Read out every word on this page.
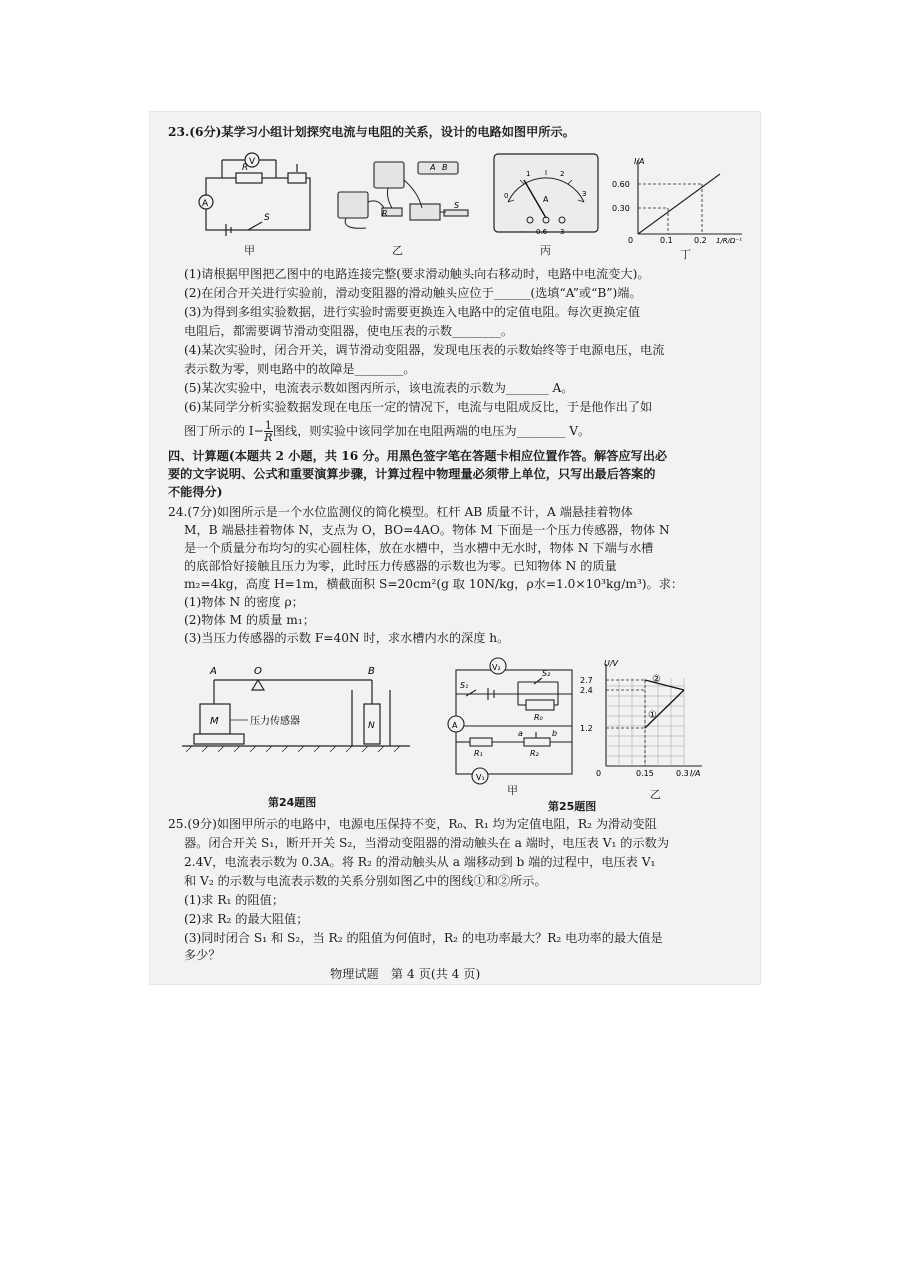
23.(6分)某学习小组计划探究电流与电阻的关系，设计的电路如图甲所示。
V
R
A
S
甲
A B
R
S
乙
0
1	2
3
A
− 0.6 3
丙
I/A
0.60
0.30
0	0.1	0.2 1/R/Ω⁻¹
丁
(1)请根据甲图把乙图中的电路连接完整(要求滑动触头向右移动时，电路中电流变大)。
(2)在闭合开关进行实验前，滑动变阻器的滑动触头应位于______(选填“A”或“B”)端。
(3)为得到多组实验数据，进行实验时需要更换连入电路中的定值电阻。每次更换定值
电阻后，都需要调节滑动变阻器，使电压表的示数________。
(4)某次实验时，闭合开关，调节滑动变阻器，发现电压表的示数始终等于电源电压，电流
表示数为零，则电路中的故障是________。
(5)某次实验中，电流表示数如图丙所示，该电流表的示数为_______ A。
(6)某同学分析实验数据发现在电压一定的情况下，电流与电阻成反比，于是他作出了如
图丁所示的 $I- \frac{1}{R}$ 图线，则实验中该同学加在电阻两端的电压为________ V。
四、计算题(本题共 2 小题，共 16 分。用黑色签字笔在答题卡相应位置作答。解答应写出必
要的文字说明、公式和重要演算步骤，计算过程中物理量必须带上单位，只写出最后答案的
不能得分)
24.(7分)如图所示是一个水位监测仪的简化模型。杠杆 AB 质量不计，A 端悬挂着物体
M，B 端悬挂着物体 N，支点为 O，BO=4AO。物体 M 下面是一个压力传感器，物体 N
是一个质量分布均匀的实心圆柱体，放在水槽中，当水槽中无水时，物体 N 下端与水槽
的底部恰好接触且压力为零，此时压力传感器的示数也为零。已知物体 N 的质量
m₂=4kg，高度 H=1m，横截面积 S=20cm²(g 取 10N/kg，ρ水=1.0×10³kg/m³)。求：
(1)物体 N 的密度 ρ；
(2)物体 M 的质量 m₁；
(3)当压力传感器的示数 F=40N 时，求水槽内水的深度 h。
A	O	B
M	N
压力传感器
第24题图
V₂
V₁
A
S₁
S₂
R₀
R₁	R₂
a	b
甲
U/V
2.7
2.4
1.2
0	0.15	0.3 I/A
①
②
乙
第25题图
25.(9分)如图甲所示的电路中，电源电压保持不变，R₀、R₁ 均为定值电阻，R₂ 为滑动变阻
器。闭合开关 S₁，断开开关 S₂，当滑动变阻器的滑动触头在 a 端时，电压表 V₁ 的示数为
2.4V，电流表示数为 0.3A。将 R₂ 的滑动触头从 a 端移动到 b 端的过程中，电压表 V₁
和 V₂ 的示数与电流表示数的关系分别如图乙中的图线①和②所示。
(1)求 R₁ 的阻值；
(2)求 R₂ 的最大阻值；
(3)同时闭合 S₁ 和 S₂，当 R₂ 的阻值为何值时，R₂ 的电功率最大？R₂ 电功率的最大值是
多少？
物理试题　第 4 页(共 4 页)
